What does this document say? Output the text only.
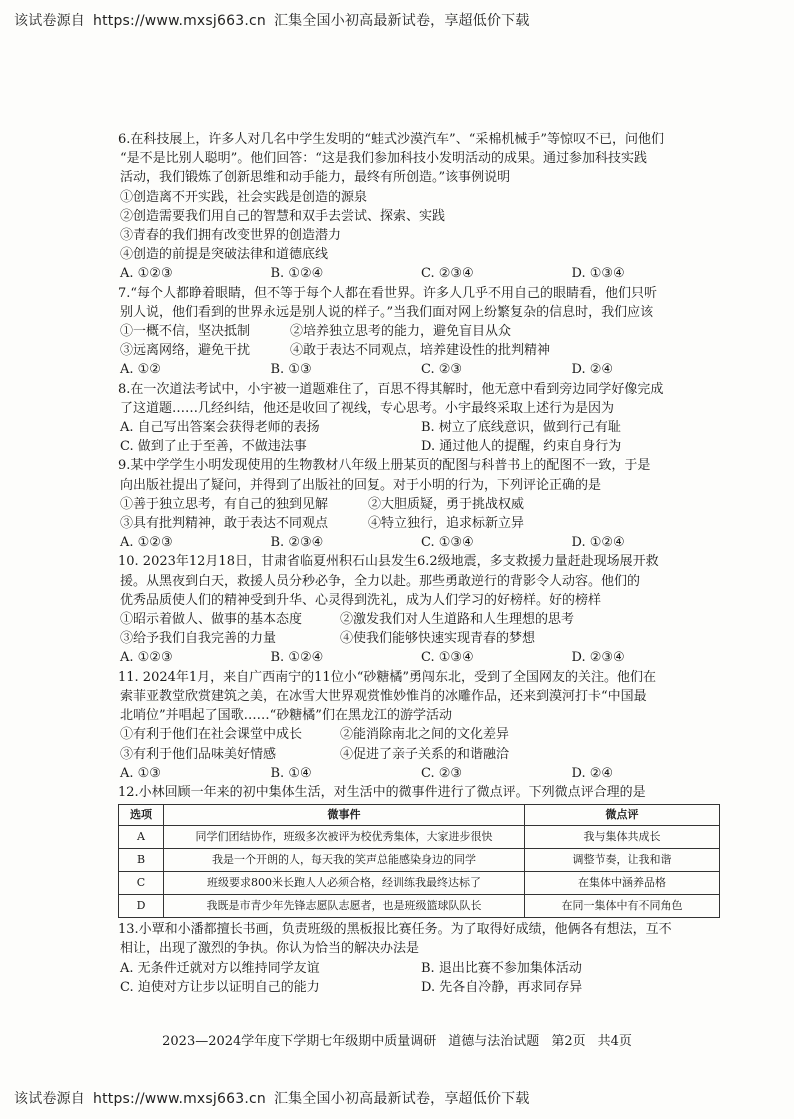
该试卷源自 https://www.mxsj663.cn 汇集全国小初高最新试卷，享超低价下载
6.在科技展上，许多人对几名中学生发明的“蛙式沙漠汽车”、“采棉机械手”等惊叹不已，问他们
“是不是比别人聪明”。他们回答：“这是我们参加科技小发明活动的成果。通过参加科技实践
活动，我们锻炼了创新思维和动手能力，最终有所创造。”该事例说明
①创造离不开实践，社会实践是创造的源泉
②创造需要我们用自己的智慧和双手去尝试、探索、实践
③青春的我们拥有改变世界的创造潜力
④创造的前提是突破法律和道德底线
A. ①②③	B. ①②④	C. ②③④	D. ①③④
7.“每个人都睁着眼睛，但不等于每个人都在看世界。许多人几乎不用自己的眼睛看，他们只听
别人说，他们看到的世界永远是别人说的样子。”当我们面对网上纷繁复杂的信息时，我们应该
①一概不信，坚决抵制	②培养独立思考的能力，避免盲目从众
③远离网络，避免干扰	④敢于表达不同观点，培养建设性的批判精神
A. ①②	B. ①③	C. ②③	D. ②④
8.在一次道法考试中，小宇被一道题难住了，百思不得其解时，他无意中看到旁边同学好像完成
了这道题……几经纠结，他还是收回了视线，专心思考。小宇最终采取上述行为是因为
A. 自己写出答案会获得老师的表扬	B. 树立了底线意识，做到行己有耻
C. 做到了止于至善，不做违法事	D. 通过他人的提醒，约束自身行为
9.某中学学生小明发现使用的生物教材八年级上册某页的配图与科普书上的配图不一致，于是
向出版社提出了疑问，并得到了出版社的回复。对于小明的行为，下列评论正确的是
①善于独立思考，有自己的独到见解	②大胆质疑，勇于挑战权威
③具有批判精神，敢于表达不同观点	④特立独行，追求标新立异
A. ①②③	B. ②③④	C. ①③④	D. ①②④
10. 2023年12月18日，甘肃省临夏州积石山县发生6.2级地震，多支救援力量赶赴现场展开救
援。从黑夜到白天，救援人员分秒必争，全力以赴。那些勇敢逆行的背影令人动容。他们的
优秀品质使人们的精神受到升华、心灵得到洗礼，成为人们学习的好榜样。好的榜样
①昭示着做人、做事的基本态度	②激发我们对人生道路和人生理想的思考
③给予我们自我完善的力量	④使我们能够快速实现青春的梦想
A. ①②③	B. ①②④	C. ①③④	D. ②③④
11. 2024年1月，来自广西南宁的11位小“砂糖橘”勇闯东北，受到了全国网友的关注。他们在
索菲亚教堂欣赏建筑之美，在冰雪大世界观赏惟妙惟肖的冰雕作品，还来到漠河打卡“中国最
北哨位”并唱起了国歌……“砂糖橘”们在黑龙江的游学活动
①有利于他们在社会课堂中成长	②能消除南北之间的文化差异
③有利于他们品味美好情感	④促进了亲子关系的和谐融洽
A. ①③	B. ①④	C. ②③	D. ②④
12.小林回顾一年来的初中集体生活，对生活中的微事件进行了微点评。下列微点评合理的是
选项	微事件	微点评
A	同学们团结协作，班级多次被评为校优秀集体，大家进步很快	我与集体共成长
B	我是一个开朗的人，每天我的笑声总能感染身边的同学	调整节奏，让我和谐
C	班级要求800米长跑人人必须合格，经训练我最终达标了	在集体中涵养品格
D	我既是市青少年先锋志愿队志愿者，也是班级篮球队队长	在同一集体中有不同角色
13.小覃和小潘都擅长书画，负责班级的黑板报比赛任务。为了取得好成绩，他俩各有想法，互不
相让，出现了激烈的争执。你认为恰当的解决办法是
A. 无条件迁就对方以维持同学友谊	B. 退出比赛不参加集体活动
C. 迫使对方让步以证明自己的能力	D. 先各自冷静，再求同存异
2023—2024学年度下学期七年级期中质量调研 道德与法治试题 第2页 共4页
该试卷源自 https://www.mxsj663.cn 汇集全国小初高最新试卷，享超低价下载
